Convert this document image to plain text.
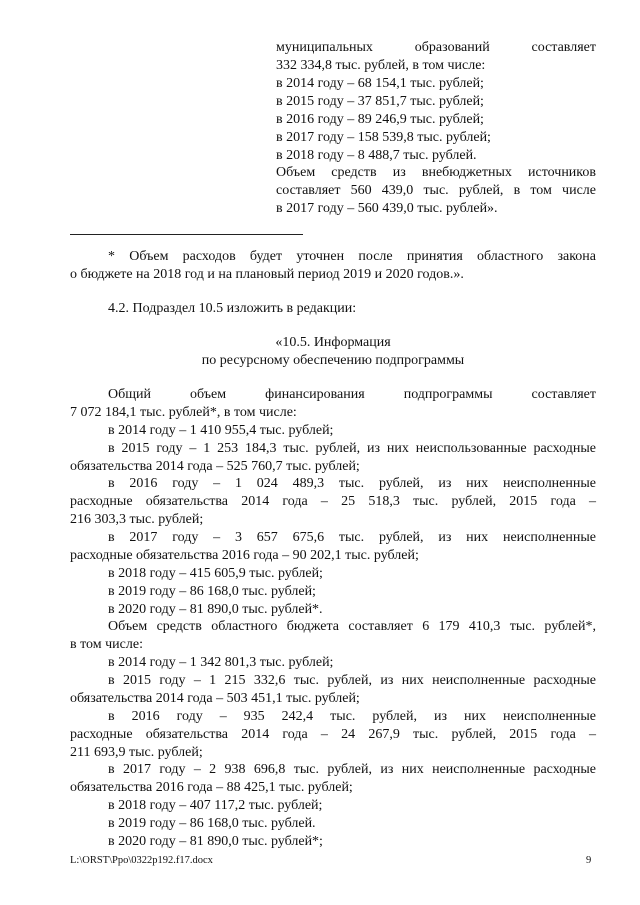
муниципальных образований составляет
332 334,8 тыс. рублей, в том числе:
в 2014 году – 68 154,1 тыс. рублей;
в 2015 году – 37 851,7 тыс. рублей;
в 2016 году – 89 246,9 тыс. рублей;
в 2017 году – 158 539,8 тыс. рублей;
в 2018 году – 8 488,7 тыс. рублей.
Объем средств из внебюджетных источников
составляет 560 439,0 тыс. рублей, в том числе
в 2017 году – 560 439,0 тыс. рублей».
* Объем расходов будет уточнен после принятия областного закона
о бюджете на 2018 год и на плановый период 2019 и 2020 годов.».
4.2. Подраздел 10.5 изложить в редакции:
«10.5. Информация
по ресурсному обеспечению подпрограммы
Общий объем финансирования подпрограммы составляет
7 072 184,1 тыс. рублей*, в том числе:
в 2014 году – 1 410 955,4 тыс. рублей;
в 2015 году – 1 253 184,3 тыс. рублей, из них неиспользованные расходные
обязательства 2014 года – 525 760,7 тыс. рублей;
в 2016 году – 1 024 489,3 тыс. рублей, из них неисполненные
расходные обязательства 2014 года – 25 518,3 тыс. рублей, 2015 года –
216 303,3 тыс. рублей;
в 2017 году – 3 657 675,6 тыс. рублей, из них неисполненные
расходные обязательства 2016 года – 90 202,1 тыс. рублей;
в 2018 году – 415 605,9 тыс. рублей;
в 2019 году – 86 168,0 тыс. рублей;
в 2020 году – 81 890,0 тыс. рублей*.
Объем средств областного бюджета составляет 6 179 410,3 тыс. рублей*,
в том числе:
в 2014 году – 1 342 801,3 тыс. рублей;
в 2015 году – 1 215 332,6 тыс. рублей, из них неисполненные расходные
обязательства 2014 года – 503 451,1 тыс. рублей;
в 2016 году – 935 242,4 тыс. рублей, из них неисполненные
расходные обязательства 2014 года – 24 267,9 тыс. рублей, 2015 года –
211 693,9 тыс. рублей;
в 2017 году – 2 938 696,8 тыс. рублей, из них неисполненные расходные
обязательства 2016 года – 88 425,1 тыс. рублей;
в 2018 году – 407 117,2 тыс. рублей;
в 2019 году – 86 168,0 тыс. рублей.
в 2020 году – 81 890,0 тыс. рублей*;
L:\ORST\Ppo\0322p192.f17.docx	9
